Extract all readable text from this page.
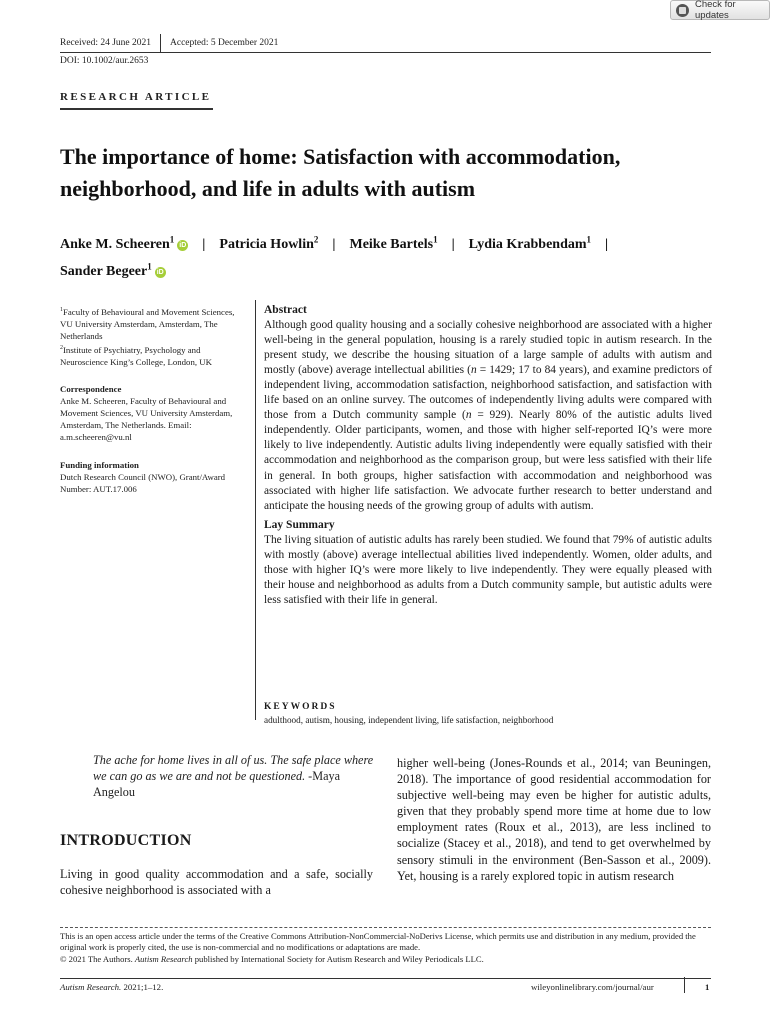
Check for updates
Received: 24 June 2021 Accepted: 5 December 2021
DOI: 10.1002/aur.2653
RESEARCH ARTICLE
The importance of home: Satisfaction with accommodation, neighborhood, and life in adults with autism
Anke M. Scheeren$^1$iD | Patricia Howlin$^2$ | Meike Bartels$^1$ | Lydia Krabbendam$^1$ |
Sander Begeer$^1$iD
$^1$Faculty of Behavioural and Movement Sciences, VU University Amsterdam, Amsterdam, The Netherlands
$^2$Institute of Psychiatry, Psychology and Neuroscience King’s College, London, UK
Correspondence
Anke M. Scheeren, Faculty of Behavioural and Movement Sciences, VU University Amsterdam, Amsterdam, The Netherlands. Email: a.m.scheeren@vu.nl
Funding information
Dutch Research Council (NWO), Grant/Award Number: AUT.17.006
Abstract
Although good quality housing and a socially cohesive neighborhood are associated with a higher well-being in the general population, housing is a rarely studied topic in autism research. In the present study, we describe the housing situation of a large sample of adults with autism and mostly (above) average intellectual abilities (n = 1429; 17 to 84 years), and examine predictors of independent living, accommodation satisfaction, neighborhood satisfaction, and satisfaction with life based on an online survey. The outcomes of independently living adults were compared with those from a Dutch community sample (n = 929). Nearly 80% of the autistic adults lived independently. Older participants, women, and those with higher self-reported IQ’s were more likely to live independently. Autistic adults living independently were equally satisfied with their accommodation and neighborhood as the comparison group, but were less satisfied with their life in general. In both groups, higher satisfaction with accommodation and neighborhood was associated with higher life satisfaction. We advocate further research to better understand and anticipate the housing needs of the growing group of adults with autism.
Lay Summary
The living situation of autistic adults has rarely been studied. We found that 79% of autistic adults with mostly (above) average intellectual abilities lived independently. Women, older adults, and those with higher IQ’s were more likely to live independently. They were equally pleased with their house and neighborhood as adults from a Dutch community sample, but autistic adults were less satisfied with their life in general.
KEYWORDS
adulthood, autism, housing, independent living, life satisfaction, neighborhood
The ache for home lives in all of us. The safe place where we can go as we are and not be questioned. -Maya Angelou
INTRODUCTION
Living in good quality accommodation and a safe, socially cohesive neighborhood is associated with a
higher well-being (Jones-Rounds et al., 2014; van Beuningen, 2018). The importance of good residential accommodation for subjective well-being may even be higher for autistic adults, given that they probably spend more time at home due to low employment rates (Roux et al., 2013), are less inclined to socialize (Stacey et al., 2018), and tend to get overwhelmed by sensory stimuli in the environment (Ben-Sasson et al., 2009). Yet, housing is a rarely explored topic in autism research
This is an open access article under the terms of the Creative Commons Attribution-NonCommercial-NoDerivs License, which permits use and distribution in any medium, provided the original work is properly cited, the use is non-commercial and no modifications or adaptations are made.
© 2021 The Authors. Autism Research published by International Society for Autism Research and Wiley Periodicals LLC.
Autism Research. 2021;1–12.	wileyonlinelibrary.com/journal/aur	1
